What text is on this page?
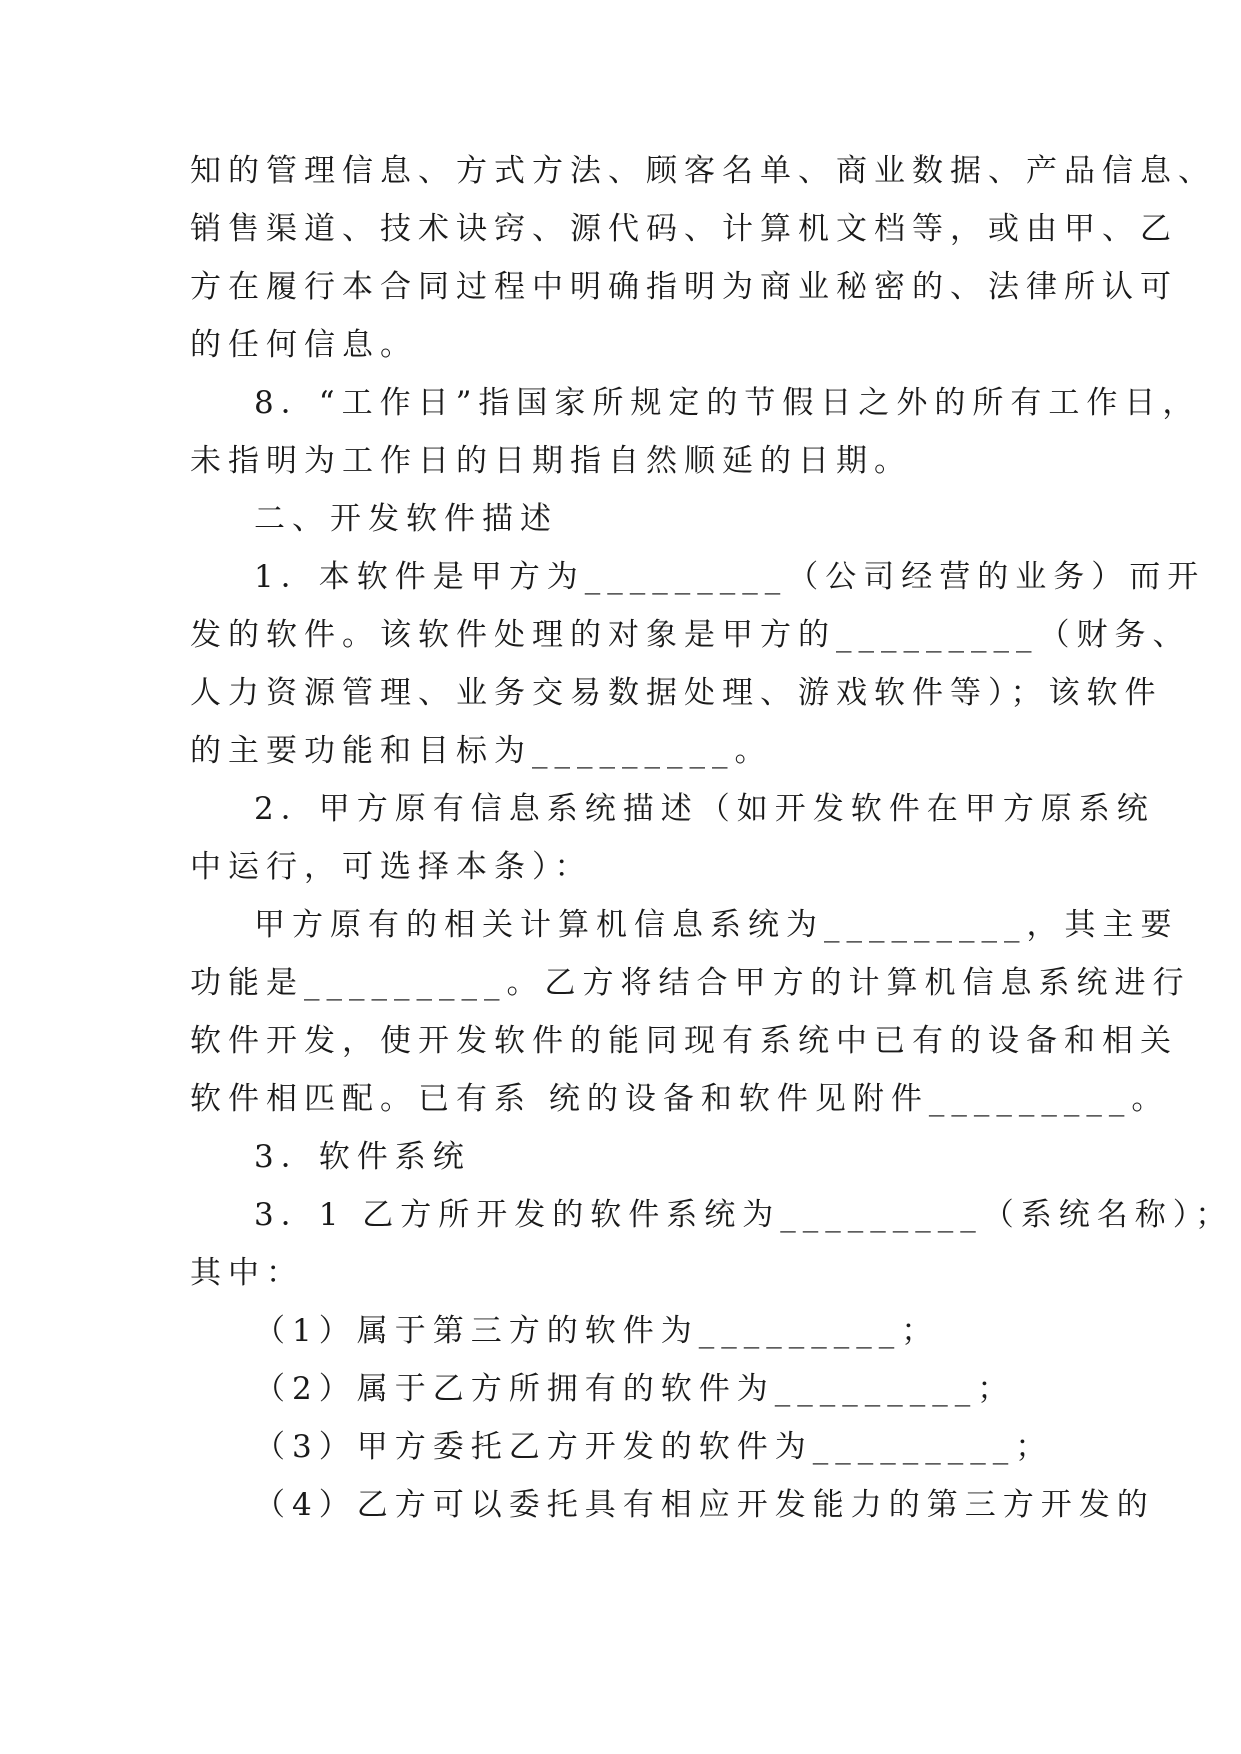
知的管理信息、方式方法、顾客名单、商业数据、产品信息、
销售渠道、技术诀窍、源代码、计算机文档等，或由甲、乙
方在履行本合同过程中明确指明为商业秘密的、法律所认可
的任何信息。
8．“工作日”指国家所规定的节假日之外的所有工作日，
未指明为工作日的日期指自然顺延的日期。
二、开发软件描述
1．本软件是甲方为_________（公司经营的业务）而开
发的软件。该软件处理的对象是甲方的_________（财务、
人力资源管理、业务交易数据处理、游戏软件等）；该软件
的主要功能和目标为_________。
2．甲方原有信息系统描述（如开发软件在甲方原系统
中运行，可选择本条）：
甲方原有的相关计算机信息系统为_________，其主要
功能是_________。乙方将结合甲方的计算机信息系统进行
软件开发，使开发软件的能同现有系统中已有的设备和相关
软件相匹配。已有系 统的设备和软件见附件_________。
3．软件系统
3．1 乙方所开发的软件系统为_________（系统名称）；
其中：
（1）属于第三方的软件为_________；
（2）属于乙方所拥有的软件为_________；
（3）甲方委托乙方开发的软件为_________；
（4）乙方可以委托具有相应开发能力的第三方开发的
